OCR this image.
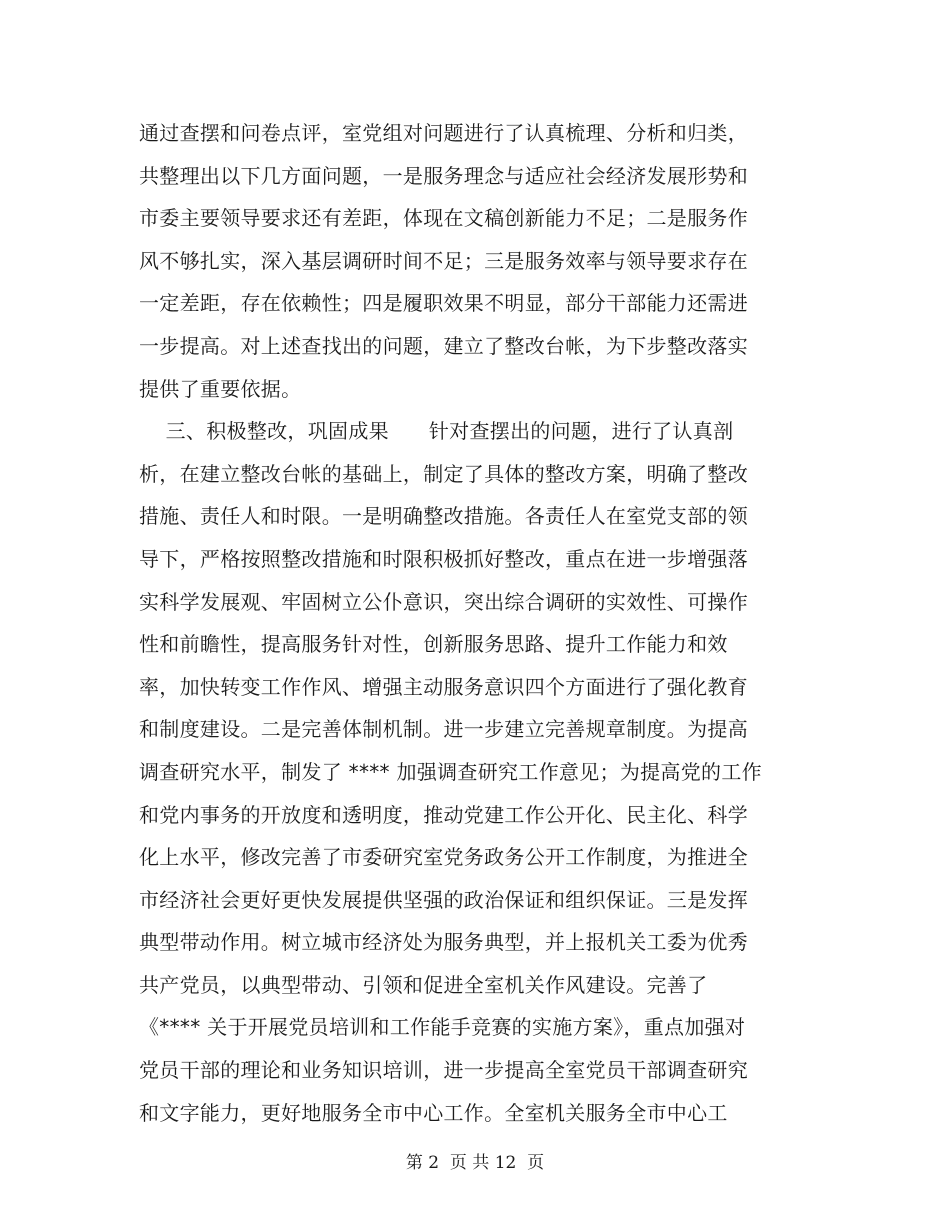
通过查摆和问卷点评，室党组对问题进行了认真梳理、分析和归类，
共整理出以下几方面问题，一是服务理念与适应社会经济发展形势和
市委主要领导要求还有差距，体现在文稿创新能力不足；二是服务作
风不够扎实，深入基层调研时间不足；三是服务效率与领导要求存在
一定差距，存在依赖性；四是履职效果不明显，部分干部能力还需进
一步提高。对上述查找出的问题，建立了整改台帐，为下步整改落实
提供了重要依据。
三、积极整改，巩固成果      针对查摆出的问题，进行了认真剖
析，在建立整改台帐的基础上，制定了具体的整改方案，明确了整改
措施、责任人和时限。一是明确整改措施。各责任人在室党支部的领
导下，严格按照整改措施和时限积极抓好整改，重点在进一步增强落
实科学发展观、牢固树立公仆意识，突出综合调研的实效性、可操作
性和前瞻性，提高服务针对性，创新服务思路、提升工作能力和效
率，加快转变工作作风、增强主动服务意识四个方面进行了强化教育
和制度建设。二是完善体制机制。进一步建立完善规章制度。为提高
调查研究水平，制发了 **** 加强调查研究工作意见；为提高党的工作
和党内事务的开放度和透明度，推动党建工作公开化、民主化、科学
化上水平，修改完善了市委研究室党务政务公开工作制度，为推进全
市经济社会更好更快发展提供坚强的政治保证和组织保证。三是发挥
典型带动作用。树立城市经济处为服务典型，并上报机关工委为优秀
共产党员，以典型带动、引领和促进全室机关作风建设。完善了
《**** 关于开展党员培训和工作能手竞赛的实施方案》，重点加强对
党员干部的理论和业务知识培训，进一步提高全室党员干部调查研究
和文字能力，更好地服务全市中心工作。全室机关服务全市中心工
第 2  页 共 12  页
